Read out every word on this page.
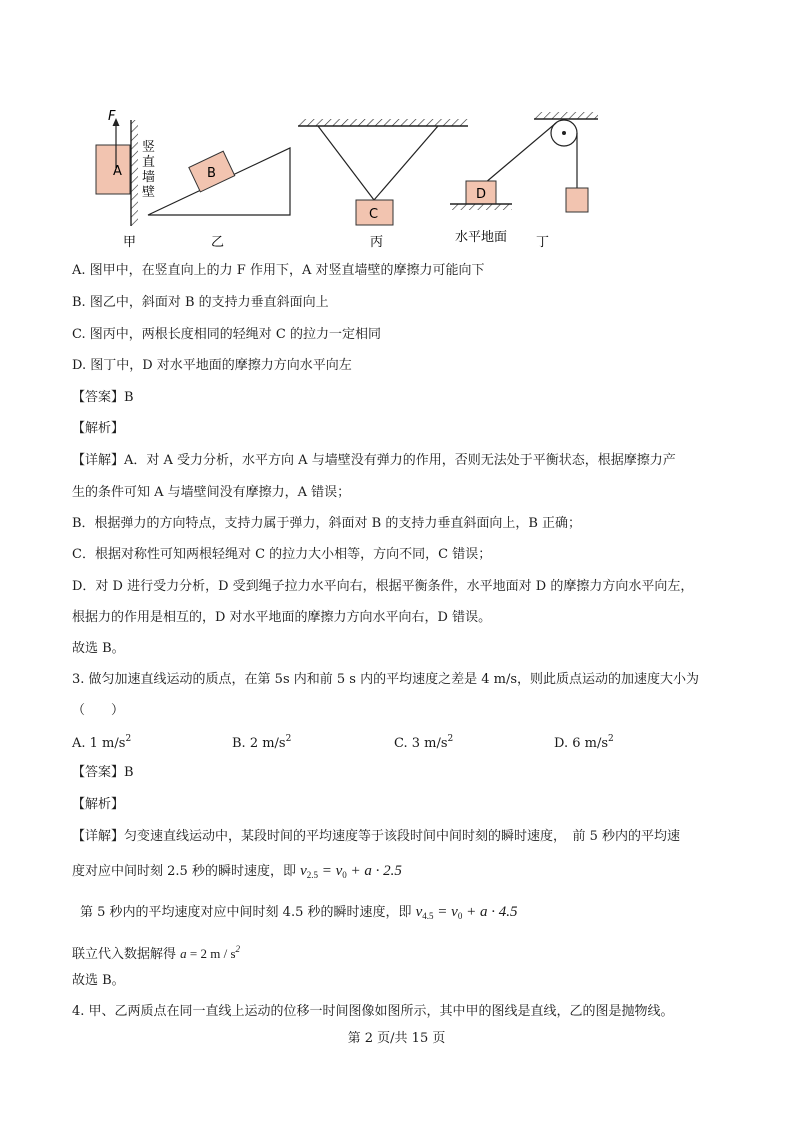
F
A
竖
直
墙
壁
甲
B
乙
C
丙
D
水平地面 丁
A. 图甲中，在竖直向上的力 F 作用下，A 对竖直墙壁的摩擦力可能向下
B. 图乙中，斜面对 B 的支持力垂直斜面向上
C. 图丙中，两根长度相同的轻绳对 C 的拉力一定相同
D. 图丁中，D 对水平地面的摩擦力方向水平向左
【答案】B
【解析】
【详解】A．对 A 受力分析，水平方向 A 与墙壁没有弹力的作用，否则无法处于平衡状态，根据摩擦力产
生的条件可知 A 与墙壁间没有摩擦力，A 错误；
B．根据弹力的方向特点，支持力属于弹力，斜面对 B 的支持力垂直斜面向上，B 正确；
C．根据对称性可知两根轻绳对 C 的拉力大小相等，方向不同，C 错误；
D．对 D 进行受力分析，D 受到绳子拉力水平向右，根据平衡条件，水平地面对 D 的摩擦力方向水平向左，
根据力的作用是相互的，D 对水平地面的摩擦力方向水平向右，D 错误。
故选 B。
3. 做匀加速直线运动的质点，在第 5s 内和前 5 s 内的平均速度之差是 4 m/s，则此质点运动的加速度大小为
（　　）
A. 1 $m/s^2$	B. 2 $m/s^2$	C. 3 $m/s^2$	D. 6 $m/s^2$
【答案】B
【解析】
【详解】匀变速直线运动中，某段时间的平均速度等于该段时间中间时刻的瞬时速度，　前 5 秒内的平均速
度对应中间时刻 2.5 秒的瞬时速度，即 $v_{2.5} = v_0 + a \cdot 2.5$
第 5 秒内的平均速度对应中间时刻 4.5 秒的瞬时速度，即 $v_{4.5} = v_0 + a \cdot 4.5$
联立代入数据解得 a = 2 m / $s^2$
故选 B。
4. 甲、乙两质点在同一直线上运动的位移一时间图像如图所示，其中甲的图线是直线，乙的图是抛物线。
第 2 页/共 15 页
